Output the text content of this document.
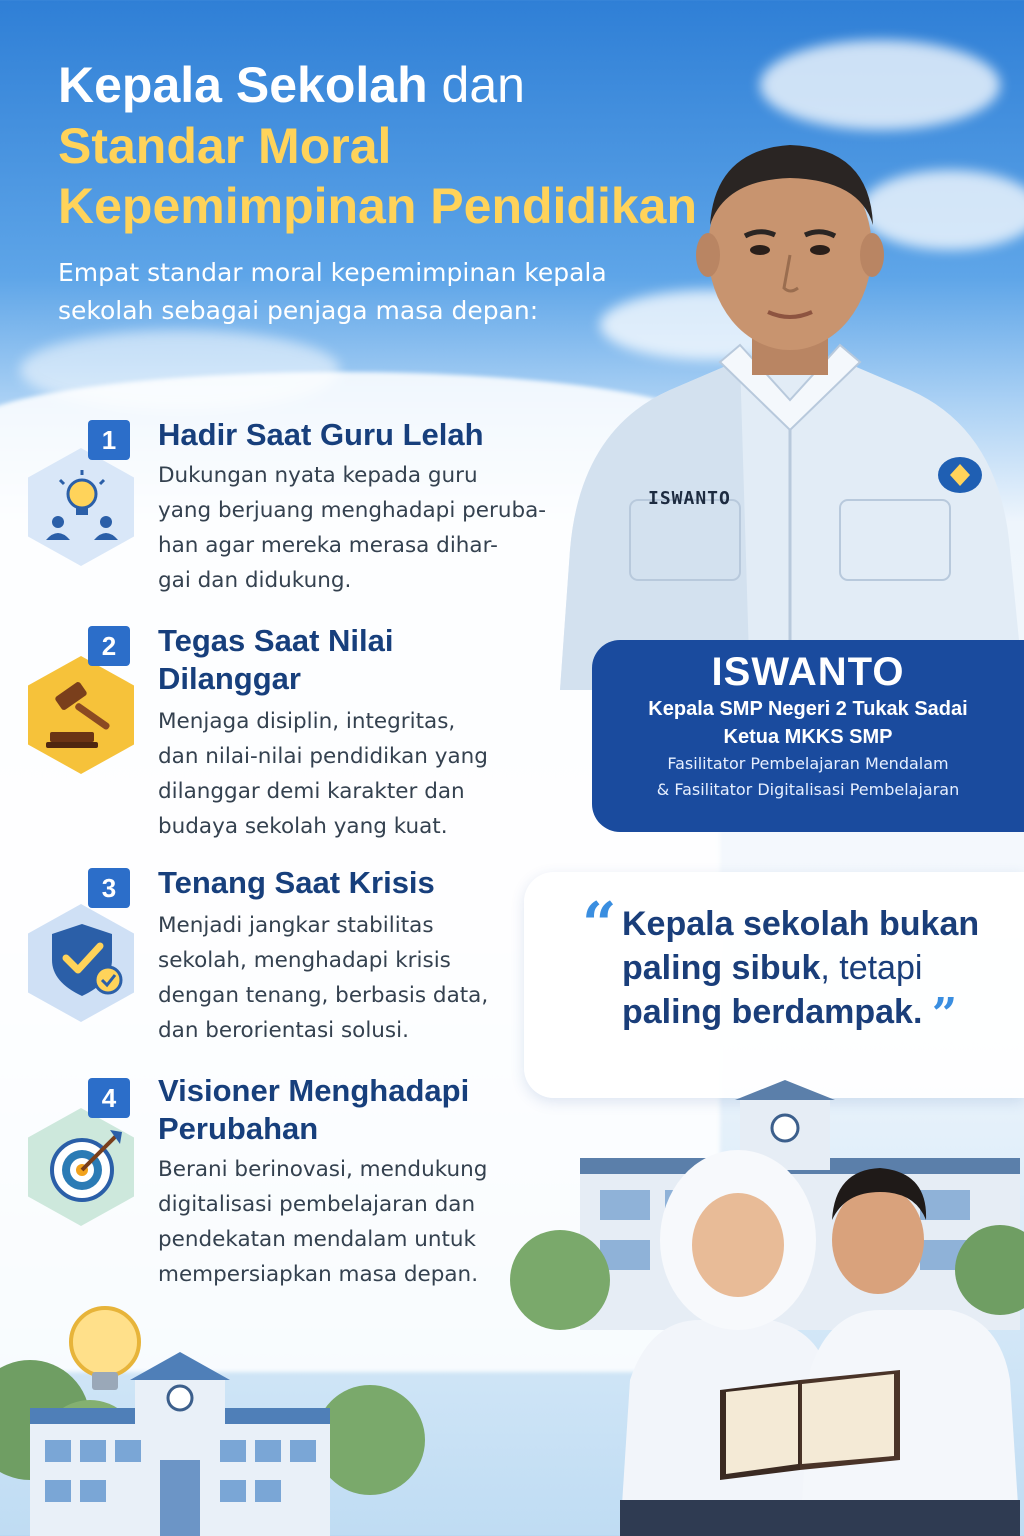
Kepala Sekolah dan
Standar Moral
Kepemimpinan Pendidikan
Empat standar moral kepemimpinan kepala
sekolah sebagai penjaga masa depan:
ISWANTO
ISWANTO
Kepala SMP Negeri 2 Tukak Sadai
Ketua MKKS SMP
Fasilitator Pembelajaran Mendalam
& Fasilitator Digitalisasi Pembelajaran
“ Kepala sekolah bukan
paling sibuk, tetapi
paling berdampak. ”
1	Hadir Saat Guru Lelah
Dukungan nyata kepada guru
yang berjuang menghadapi peruba-
han agar mereka merasa dihar-
gai dan didukung.
2	Tegas Saat Nilai
Dilanggar
Menjaga disiplin, integritas,
dan nilai-nilai pendidikan yang
dilanggar demi karakter dan
budaya sekolah yang kuat.
3	Tenang Saat Krisis
Menjadi jangkar stabilitas
sekolah, menghadapi krisis
dengan tenang, berbasis data,
dan berorientasi solusi.
4	Visioner Menghadapi
Perubahan
Berani berinovasi, mendukung
digitalisasi pembelajaran dan
pendekatan mendalam untuk
mempersiapkan masa depan.
